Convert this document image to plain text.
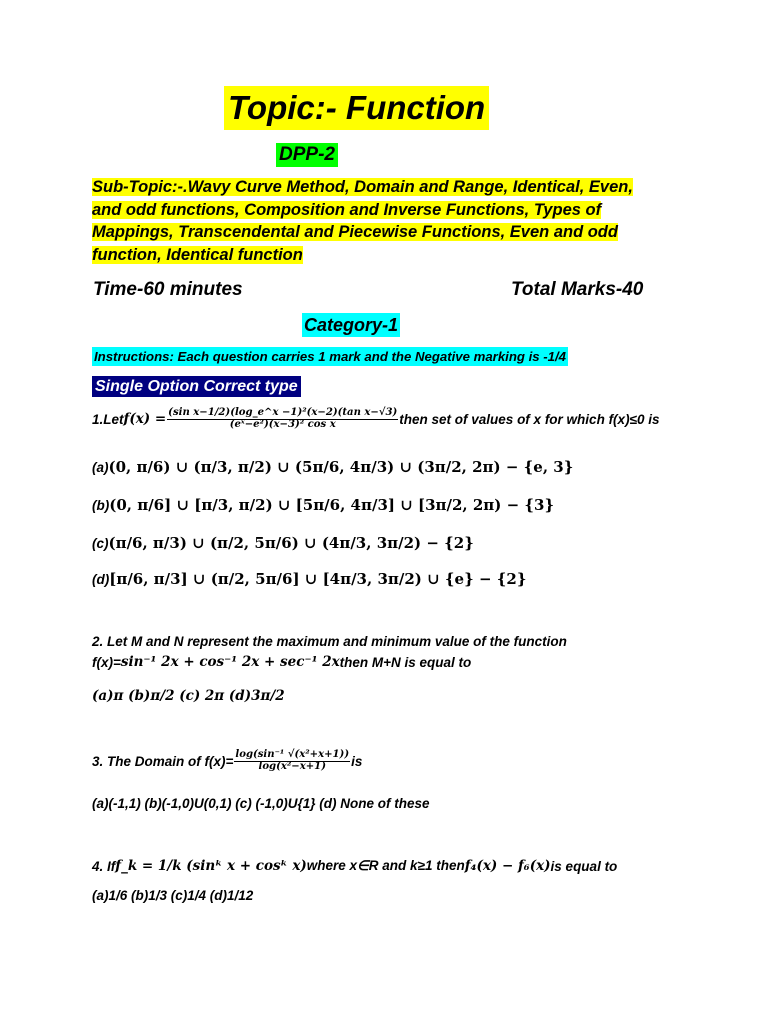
Topic:- Function
DPP-2
Sub-Topic:-.Wavy Curve Method, Domain and Range, Identical, Even,
and odd functions, Composition and Inverse Functions, Types of
Mappings, Transcendental and Piecewise Functions, Even and odd
function, Identical function
Time-60 minutes	Total Marks-40
Category-1
Instructions: Each question carries 1 mark and the Negative marking is -1/4
Single Option Correct type
1.Let $f(x) = \frac{\text{(sin x−1/2)(log\_e\textasciicircum{}x −1)²(x−2)(tan x−√3)}}{\text{(eˣ−e²)(x−3)² cos x}}$ then set of values of x for which f(x)≤0 is
(a) (0, π/6) ∪ (π/3, π/2) ∪ (5π/6, 4π/3) ∪ (3π/2, 2π) − {e, 3}
(b) (0, π/6] ∪ [π/3, π/2) ∪ [5π/6, 4π/3] ∪ [3π/2, 2π) − {3}
(c) (π/6, π/3) ∪ (π/2, 5π/6) ∪ (4π/3, 3π/2) − {2}
(d) [π/6, π/3] ∪ (π/2, 5π/6] ∪ [4π/3, 3π/2) ∪ {e} − {2}
2. Let M and N represent the maximum and minimum value of the function
f(x)= sin⁻¹ 2x + cos⁻¹ 2x + sec⁻¹ 2x then M+N is equal to
(a)π (b)π/2 (c) 2π (d)3π/2
3. The Domain of $f(x)= \frac{\text{log(sin⁻¹ √(x²+x+1))}}{\text{log(x²−x+1)}}$ is
(a)(-1,1) (b)(-1,0)U(0,1) (c) (-1,0)U{1} (d) None of these
4. If f_k = 1/k (sinᵏ x + cosᵏ x) where x∈R and k≥1 then f₄(x) − f₆(x) is equal to
(a)1/6 (b)1/3 (c)1/4 (d)1/12
